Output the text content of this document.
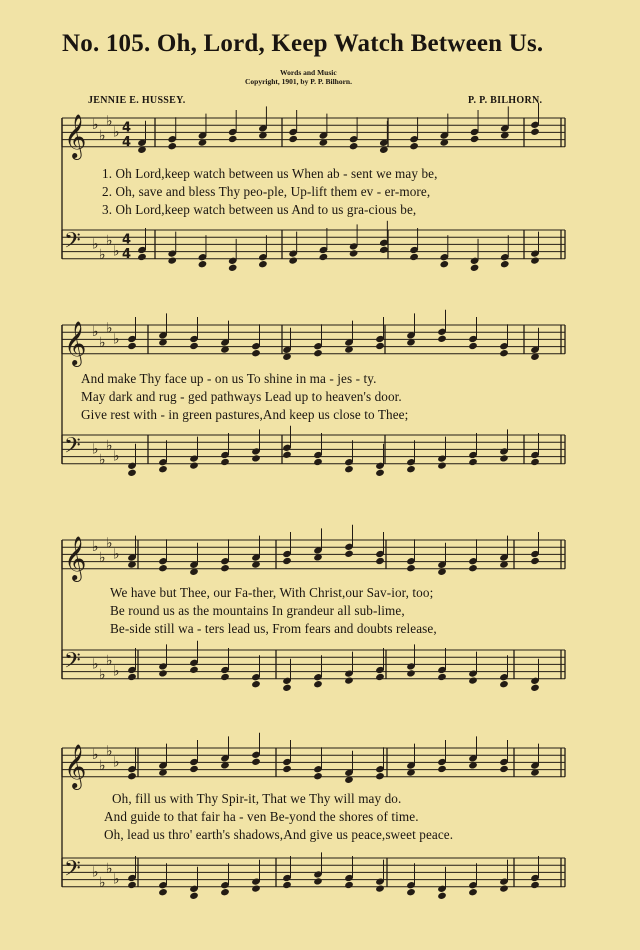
No. 105. Oh, Lord, Keep Watch Between Us.
Words and Music
Copyright, 1901, by P. P. Bilhorn.
JENNIE E. HUSSEY.	P. P. BILHORN.
𝄞 ♭
♭
♭
♭ 4
4
𝄢 ♭
♭
♭
♭
4
4
𝄞 ♭
♭
♭
♭
𝄢 ♭
♭
♭
♭
𝄞 ♭
♭
♭
♭
𝄢 ♭
♭
♭
♭
𝄞 ♭
♭
♭
♭
𝄢 ♭
♭
♭
♭
1. Oh Lord,keep watch between us When ab - sent we may be,
2. Oh, save and bless Thy peo-ple, Up-lift them ev - er-more,
3. Oh Lord,keep watch between us And to us gra-cious be,
And make Thy face up - on us To shine in ma - jes - ty.
May dark and rug - ged pathways Lead up to heaven's door.
Give rest with - in green pastures,And keep us close to Thee;
We have but Thee, our Fa-ther, With Christ,our Sav-ior, too;
Be round us as the mountains In grandeur all sub-lime,
Be-side still wa - ters lead us, From fears and doubts release,
Oh, fill us with Thy Spir-it, That we Thy will may do.
And guide to that fair ha - ven Be-yond the shores of time.
Oh, lead us thro' earth's shadows,And give us peace,sweet peace.
